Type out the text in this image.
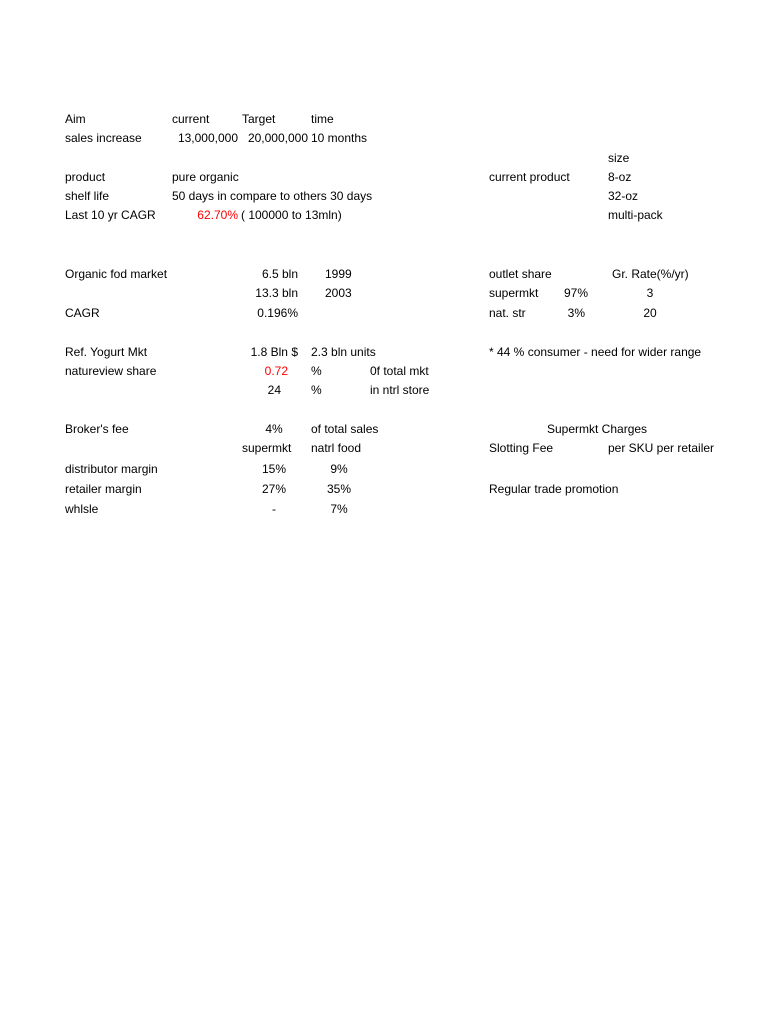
Aim	current	Target	time
sales increase	13,000,000 20,000,000 10 months
size
product	pure organic	current product	8-oz
shelf life	50 days in compare to others 30 days	32-oz
Last 10 yr CAGR	62.70% ( 100000 to 13mln)	multi-pack
Organic fod market	6.5 bln 1999
13.3 bln 2003
CAGR	0.196%
outlet share	Gr. Rate(%/yr)
supermkt	97%	3
nat. str	3%	20
Ref. Yogurt Mkt	1.8 Bln $ 2.3 bln units	* 44 % consumer - need for wider range
natureview share	0.72 %	0f total mkt
24	%	in ntrl store
Broker's fee	4%	of total sales
supermkt natrl food
distributor margin	15%	9%
retailer margin	27%	35%
whlsle	-	7%
Supermkt Charges
Slotting Fee	per SKU per retailer
Regular trade promotion
